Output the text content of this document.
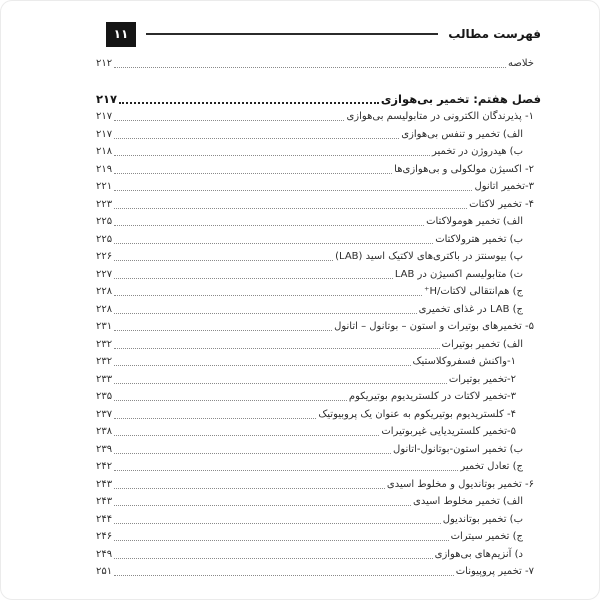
فهرست مطالب
۱۱
خلاصه
۲۱۲
فصل هفتم: تخمیر بی‌هوازی
۲۱۷
۱- پذیرندگان الکترونی در متابولیسم بی‌هوازی
۲۱۷
الف) تخمیر و تنفس بی‌هوازی
۲۱۷
ب) هیدروژن در تخمیر
۲۱۸
۲- اکسیژن مولکولی و بی‌هوازی‌ها
۲۱۹
۳-تخمیر اتانول
۲۲۱
۴- تخمیر لاکتات
۲۲۳
الف) تخمیر هومولاکتات
۲۲۵
ب) تخمیر هترولاکتات
۲۲۵
پ) بیوسنتز در باکتری‌های لاکتیک اسید (LAB)
۲۲۶
ت) متابولیسم اکسیژن در LAB
۲۲۷
ج) هم‌انتقالی لاکتات/H⁺
۲۲۸
ج) LAB در غذای تخمیری
۲۲۸
۵- تخمیرهای بوتیرات و استون – بوتانول – اتانول
۲۳۱
الف) تخمیر بوتیرات
۲۳۲
۱-واکنش فسفروکلاستیک
۲۳۲
۲-تخمیر بوتیرات
۲۳۳
۳-تخمیر لاکتات در کلستریدیوم بوتیریکوم
۲۳۵
۴- کلستریدیوم بوتیریکوم به عنوان یک پروبیوتیک
۲۳۷
۵-تخمیر کلستریدیایی غیربوتیرات
۲۳۸
ب) تخمیر استون-بوتانول-اتانول
۲۳۹
ج) تعادل تخمیر
۲۴۲
۶- تخمیر بوتاندیول و مخلوط اسیدی
۲۴۳
الف) تخمیر مخلوط اسیدی
۲۴۳
ب) تخمیر بوتاندیول
۲۴۴
ج) تخمیر سیترات
۲۴۶
د) آنزیم‌های بی‌هوازی
۲۴۹
۷- تخمیر پروپیونات
۲۵۱
